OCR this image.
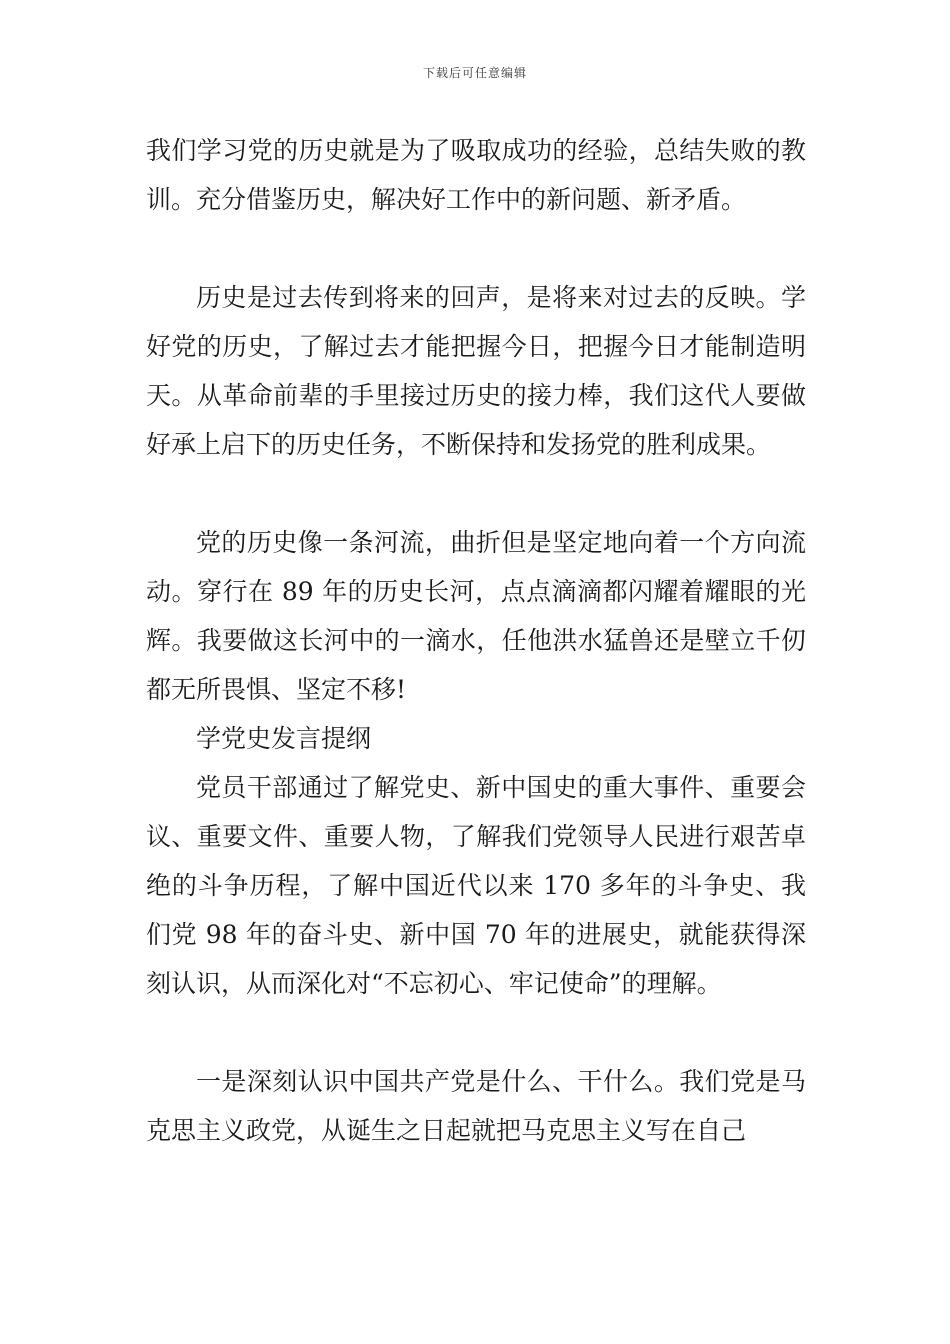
下载后可任意编辑

我们学习党的历史就是为了吸取成功的经验，总结失败的教训。充分借鉴历史，解决好工作中的新问题、新矛盾。

历史是过去传到将来的回声，是将来对过去的反映。学好党的历史，了解过去才能把握今日，把握今日才能制造明天。从革命前辈的手里接过历史的接力棒，我们这代人要做好承上启下的历史任务，不断保持和发扬党的胜利成果。

党的历史像一条河流，曲折但是坚定地向着一个方向流动。穿行在 89 年的历史长河，点点滴滴都闪耀着耀眼的光辉。我要做这长河中的一滴水，任他洪水猛兽还是壁立千仞都无所畏惧、坚定不移!

学党史发言提纲

党员干部通过了解党史、新中国史的重大事件、重要会议、重要文件、重要人物，了解我们党领导人民进行艰苦卓绝的斗争历程，了解中国近代以来 170 多年的斗争史、我们党 98 年的奋斗史、新中国 70 年的进展史，就能获得深刻认识，从而深化对“不忘初心、牢记使命”的理解。

一是深刻认识中国共产党是什么、干什么。我们党是马克思主义政党，从诞生之日起就把马克思主义写在自己
